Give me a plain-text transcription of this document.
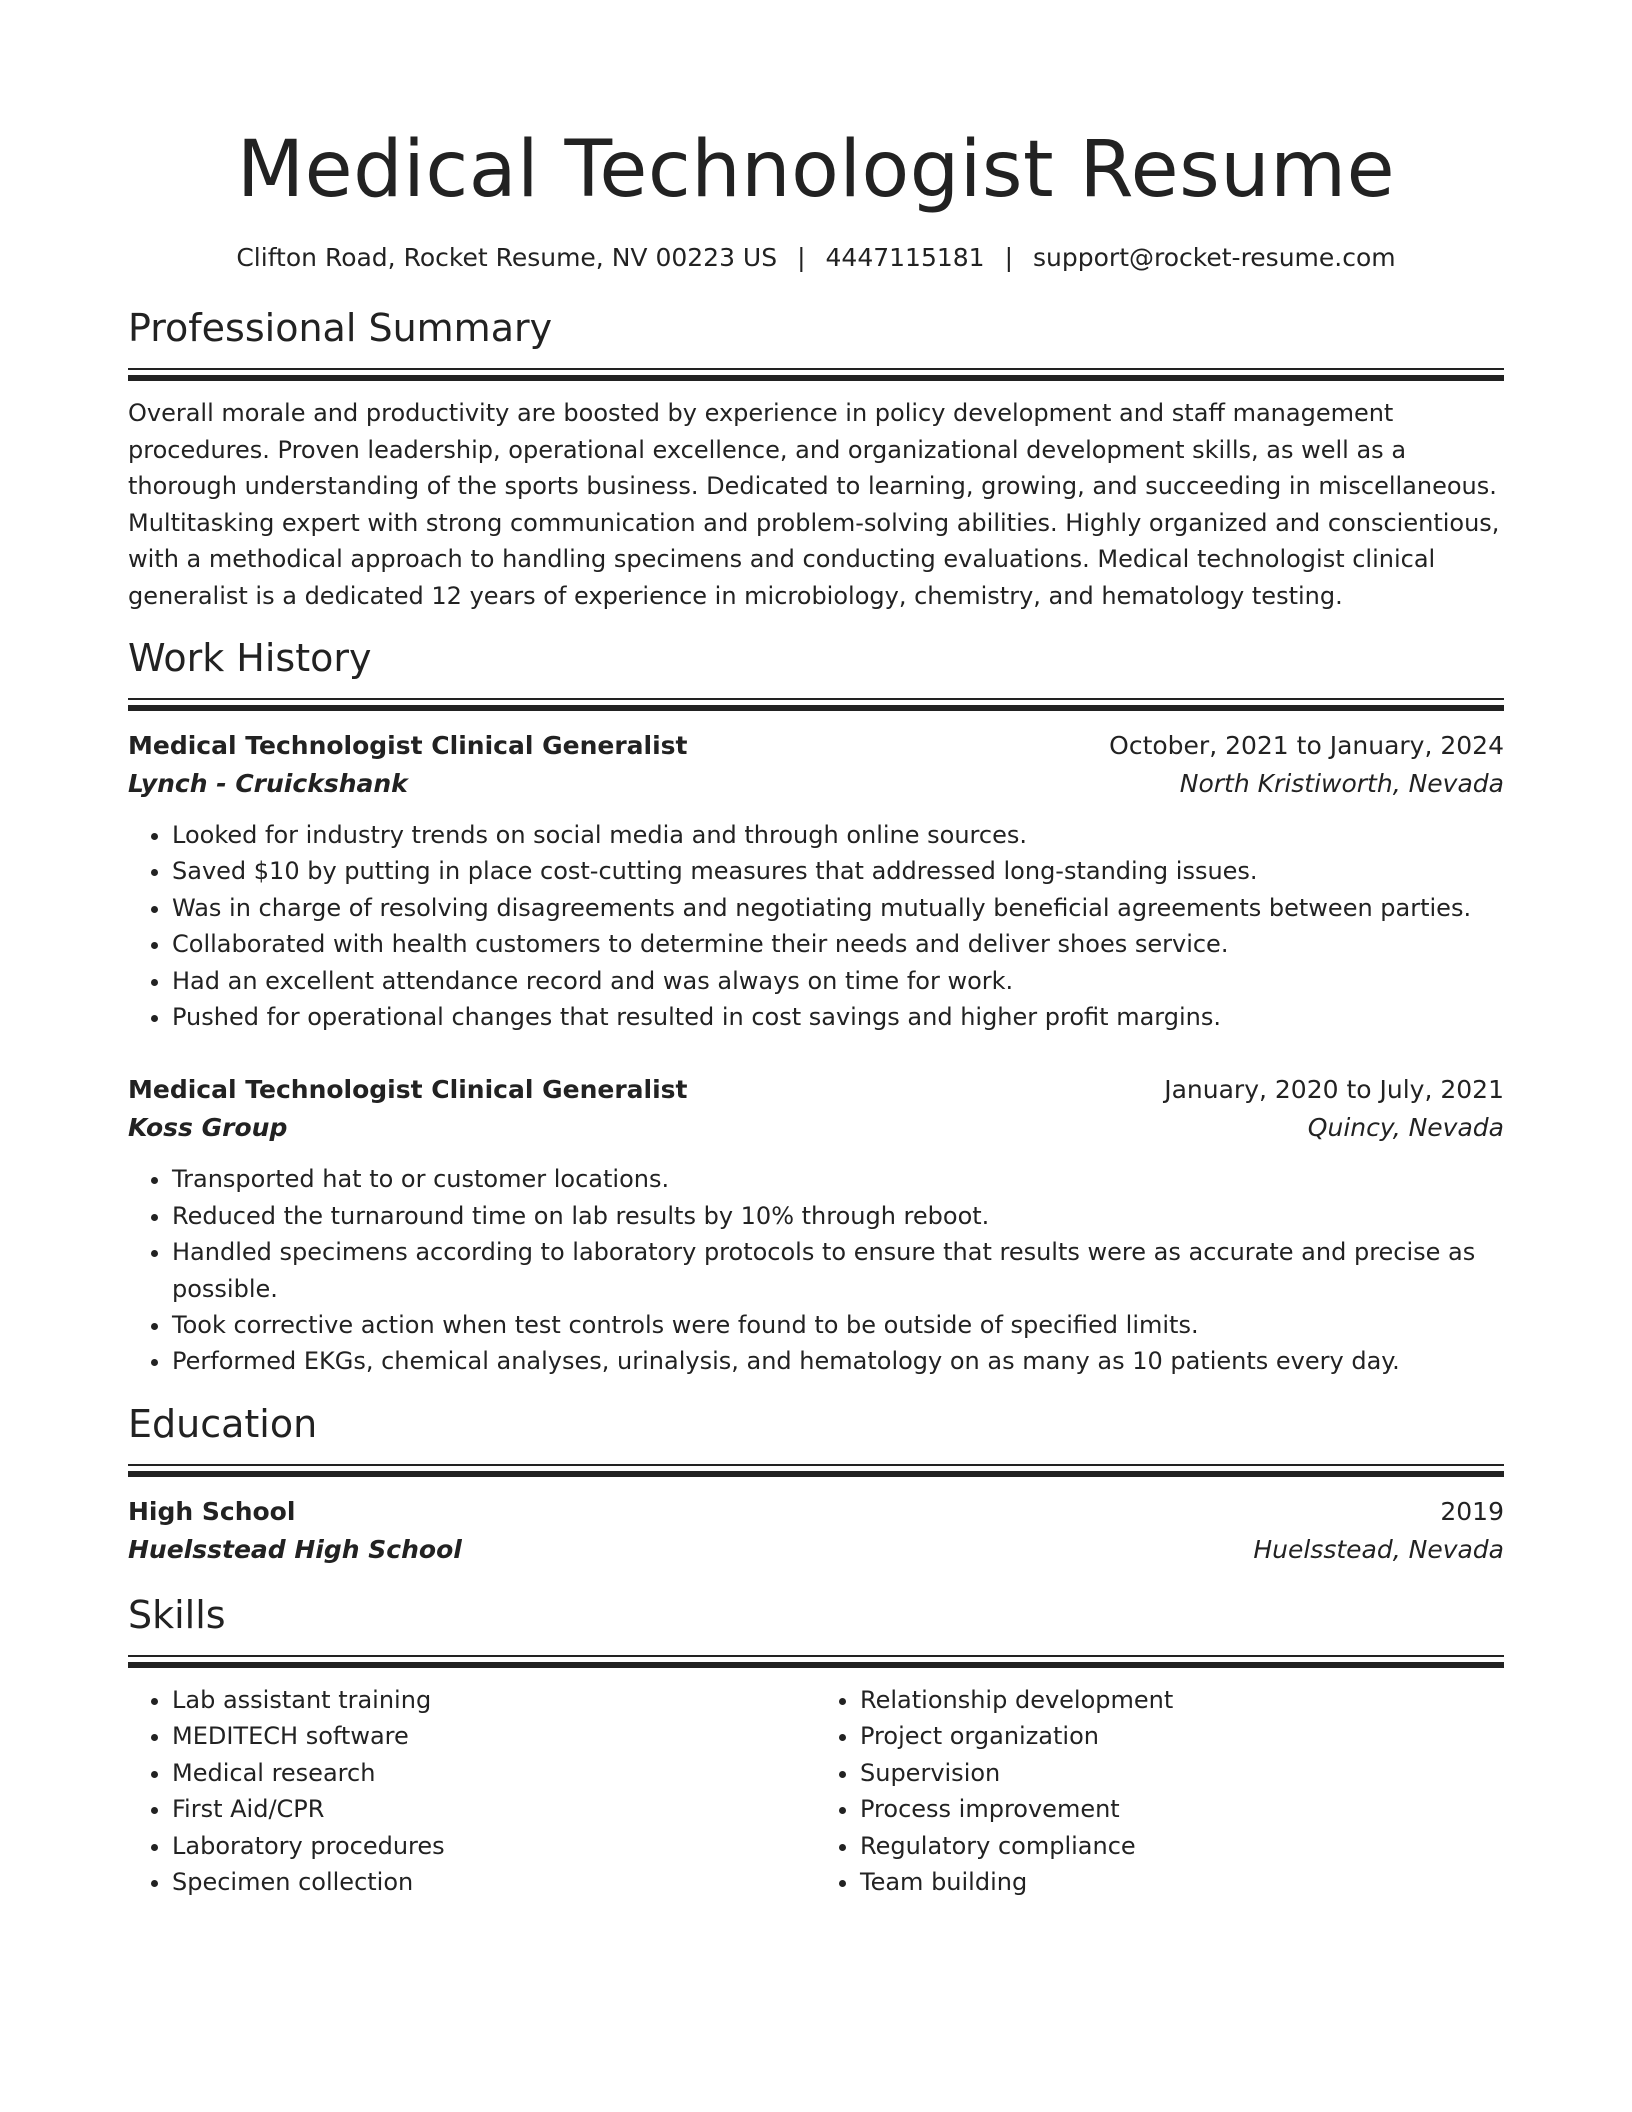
Medical Technologist Resume
Clifton Road, Rocket Resume, NV 00223 US | 4447115181 | support@rocket-resume.com
Professional Summary
Overall morale and productivity are boosted by experience in policy development and staff management procedures. Proven leadership, operational excellence, and organizational development skills, as well as a thorough understanding of the sports business. Dedicated to learning, growing, and succeeding in miscellaneous. Multitasking expert with strong communication and problem-solving abilities. Highly organized and conscientious, with a methodical approach to handling specimens and conducting evaluations. Medical technologist clinical generalist is a dedicated 12 years of experience in microbiology, chemistry, and hematology testing.
Work History
Medical Technologist Clinical Generalist	October, 2021 to January, 2024
Lynch - Cruickshank	North Kristiworth, Nevada
• Looked for industry trends on social media and through online sources.
• Saved $10 by putting in place cost-cutting measures that addressed long-standing issues.
• Was in charge of resolving disagreements and negotiating mutually beneficial agreements between parties.
• Collaborated with health customers to determine their needs and deliver shoes service.
• Had an excellent attendance record and was always on time for work.
• Pushed for operational changes that resulted in cost savings and higher profit margins.
Medical Technologist Clinical Generalist	January, 2020 to July, 2021
Koss Group	Quincy, Nevada
• Transported hat to or customer locations.
• Reduced the turnaround time on lab results by 10% through reboot.
• Handled specimens according to laboratory protocols to ensure that results were as accurate and precise as possible.
• Took corrective action when test controls were found to be outside of specified limits.
• Performed EKGs, chemical analyses, urinalysis, and hematology on as many as 10 patients every day.
Education
High School	2019
Huelsstead High School	Huelsstead, Nevada
Skills
• Lab assistant training
• MEDITECH software
• Medical research
• First Aid/CPR
• Laboratory procedures
• Specimen collection
• Relationship development
• Project organization
• Supervision
• Process improvement
• Regulatory compliance
• Team building
